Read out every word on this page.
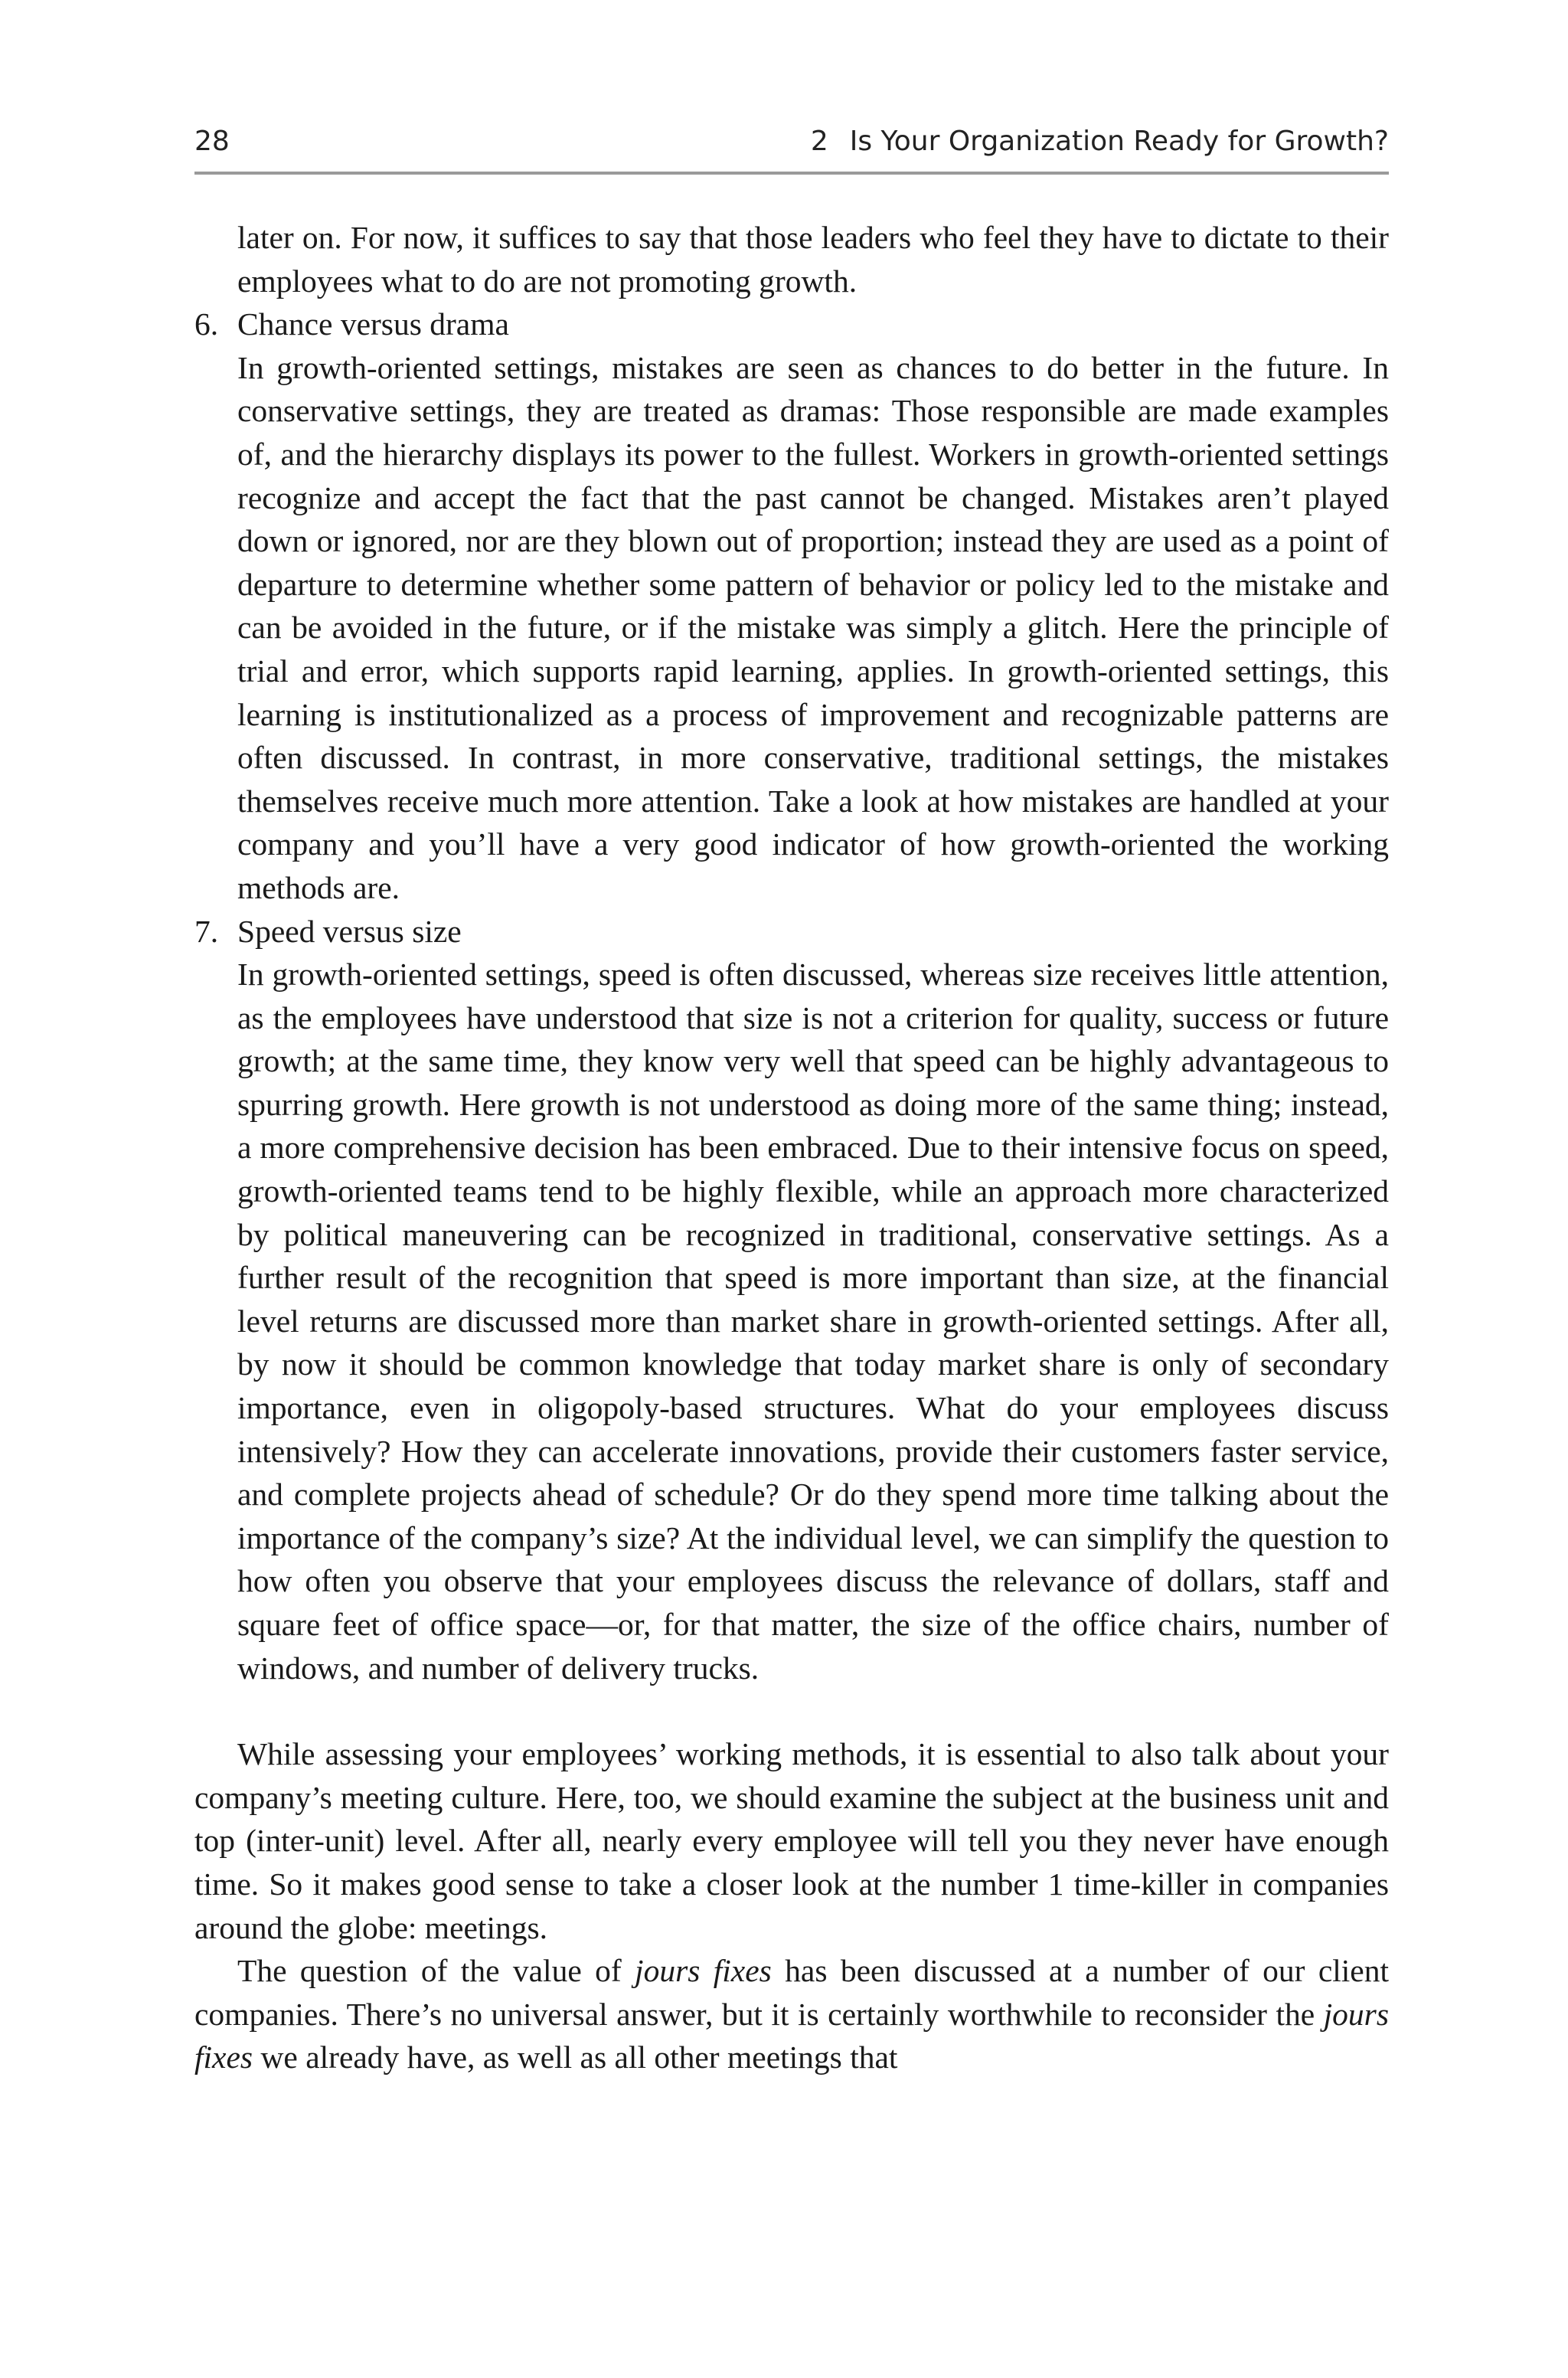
28	2 Is Your Organization Ready for Growth?

later on. For now, it suffices to say that those leaders who feel they have to dictate to their employees what to do are not promoting growth.

6. Chance versus drama

In growth-oriented settings, mistakes are seen as chances to do better in the future. In conservative settings, they are treated as dramas: Those responsible are made examples of, and the hierarchy displays its power to the fullest. Workers in growth-oriented settings recognize and accept the fact that the past cannot be changed. Mistakes aren’t played down or ignored, nor are they blown out of proportion; instead they are used as a point of departure to determine whether some pattern of behavior or policy led to the mistake and can be avoided in the future, or if the mistake was simply a glitch. Here the principle of trial and error, which supports rapid learning, applies. In growth-oriented settings, this learning is institutionalized as a process of improvement and recognizable patterns are often discussed. In contrast, in more conservative, traditional settings, the mistakes themselves receive much more attention. Take a look at how mistakes are handled at your company and you’ll have a very good indicator of how growth-oriented the working methods are.

7. Speed versus size

In growth-oriented settings, speed is often discussed, whereas size receives little attention, as the employees have understood that size is not a criterion for quality, success or future growth; at the same time, they know very well that speed can be highly advantageous to spurring growth. Here growth is not understood as doing more of the same thing; instead, a more comprehensive decision has been embraced. Due to their intensive focus on speed, growth-oriented teams tend to be highly flexible, while an approach more characterized by political maneuvering can be recognized in traditional, conservative settings. As a further result of the recognition that speed is more important than size, at the financial level returns are discussed more than market share in growth-oriented settings. After all, by now it should be common knowledge that today market share is only of secondary importance, even in oligopoly-based structures. What do your employees discuss intensively? How they can accelerate innovations, provide their customers faster service, and complete projects ahead of schedule? Or do they spend more time talking about the importance of the company’s size? At the individual level, we can simplify the question to how often you observe that your employees discuss the relevance of dollars, staff and square feet of office space—or, for that matter, the size of the office chairs, number of windows, and number of delivery trucks.

While assessing your employees’ working methods, it is essential to also talk about your company’s meeting culture. Here, too, we should examine the subject at the business unit and top (inter-unit) level. After all, nearly every employee will tell you they never have enough time. So it makes good sense to take a closer look at the number 1 time-killer in companies around the globe: meetings.

The question of the value of jours fixes has been discussed at a number of our client companies. There’s no universal answer, but it is certainly worthwhile to reconsider the jours fixes we already have, as well as all other meetings that
